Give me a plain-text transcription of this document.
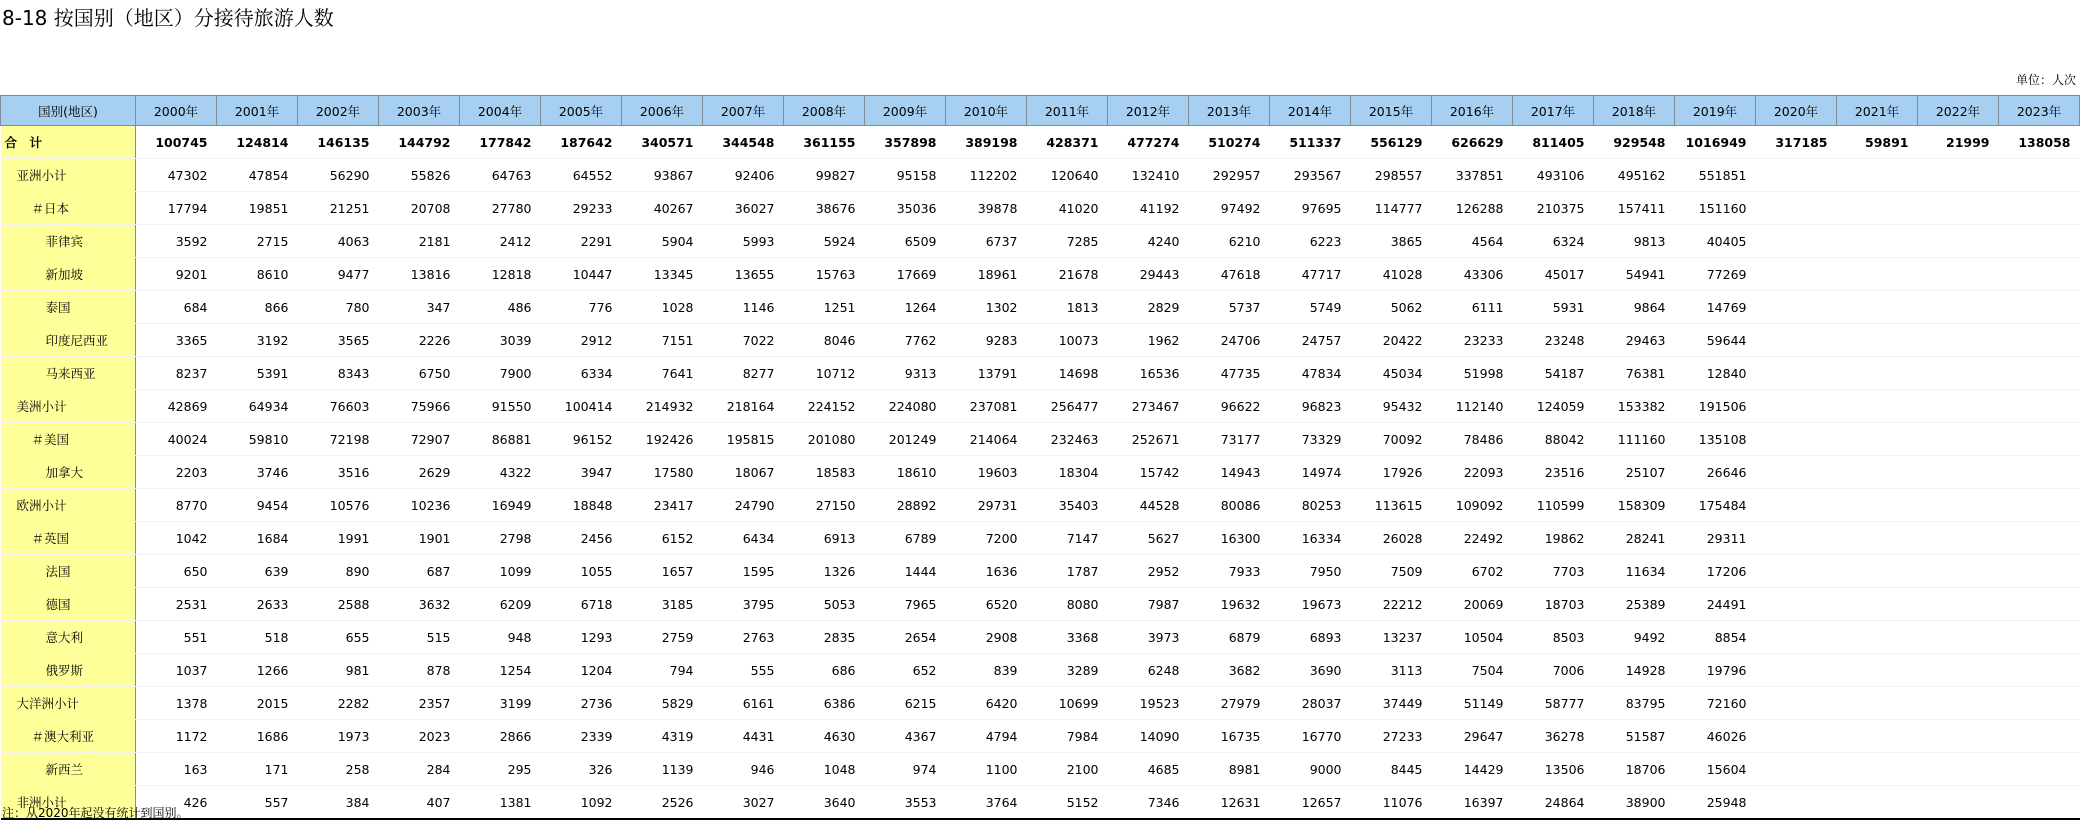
8-18 按国别（地区）分接待旅游人数
单位：人次
国别(地区)	2000年	2001年	2002年	2003年	2004年	2005年	2006年	2007年	2008年	2009年	2010年	2011年	2012年	2013年	2014年	2015年	2016年	2017年	2018年	2019年	2020年	2021年	2022年	2023年
合　计	100745	124814	146135	144792	177842	187642	340571	344548	361155	357898	389198	428371	477274	510274	511337	556129	626629	811405	929548	1016949	317185	59891	21999	138058
亚洲小计	47302	47854	56290	55826	64763	64552	93867	92406	99827	95158	112202	120640	132410	292957	293567	298557	337851	493106	495162	551851				
＃日本	17794	19851	21251	20708	27780	29233	40267	36027	38676	35036	39878	41020	41192	97492	97695	114777	126288	210375	157411	151160				
菲律宾	3592	2715	4063	2181	2412	2291	5904	5993	5924	6509	6737	7285	4240	6210	6223	3865	4564	6324	9813	40405				
新加坡	9201	8610	9477	13816	12818	10447	13345	13655	15763	17669	18961	21678	29443	47618	47717	41028	43306	45017	54941	77269				
泰国	684	866	780	347	486	776	1028	1146	1251	1264	1302	1813	2829	5737	5749	5062	6111	5931	9864	14769				
印度尼西亚	3365	3192	3565	2226	3039	2912	7151	7022	8046	7762	9283	10073	1962	24706	24757	20422	23233	23248	29463	59644				
马来西亚	8237	5391	8343	6750	7900	6334	7641	8277	10712	9313	13791	14698	16536	47735	47834	45034	51998	54187	76381	12840				
美洲小计	42869	64934	76603	75966	91550	100414	214932	218164	224152	224080	237081	256477	273467	96622	96823	95432	112140	124059	153382	191506				
＃美国	40024	59810	72198	72907	86881	96152	192426	195815	201080	201249	214064	232463	252671	73177	73329	70092	78486	88042	111160	135108				
加拿大	2203	3746	3516	2629	4322	3947	17580	18067	18583	18610	19603	18304	15742	14943	14974	17926	22093	23516	25107	26646				
欧洲小计	8770	9454	10576	10236	16949	18848	23417	24790	27150	28892	29731	35403	44528	80086	80253	113615	109092	110599	158309	175484				
＃英国	1042	1684	1991	1901	2798	2456	6152	6434	6913	6789	7200	7147	5627	16300	16334	26028	22492	19862	28241	29311				
法国	650	639	890	687	1099	1055	1657	1595	1326	1444	1636	1787	2952	7933	7950	7509	6702	7703	11634	17206				
德国	2531	2633	2588	3632	6209	6718	3185	3795	5053	7965	6520	8080	7987	19632	19673	22212	20069	18703	25389	24491				
意大利	551	518	655	515	948	1293	2759	2763	2835	2654	2908	3368	3973	6879	6893	13237	10504	8503	9492	8854				
俄罗斯	1037	1266	981	878	1254	1204	794	555	686	652	839	3289	6248	3682	3690	3113	7504	7006	14928	19796				
大洋洲小计	1378	2015	2282	2357	3199	2736	5829	6161	6386	6215	6420	10699	19523	27979	28037	37449	51149	58777	83795	72160				
＃澳大利亚	1172	1686	1973	2023	2866	2339	4319	4431	4630	4367	4794	7984	14090	16735	16770	27233	29647	36278	51587	46026				
新西兰	163	171	258	284	295	326	1139	946	1048	974	1100	2100	4685	8981	9000	8445	14429	13506	18706	15604				
非洲小计	426	557	384	407	1381	1092	2526	3027	3640	3553	3764	5152	7346	12631	12657	11076	16397	24864	38900	25948				
注：从2020年起没有统计到国别。
